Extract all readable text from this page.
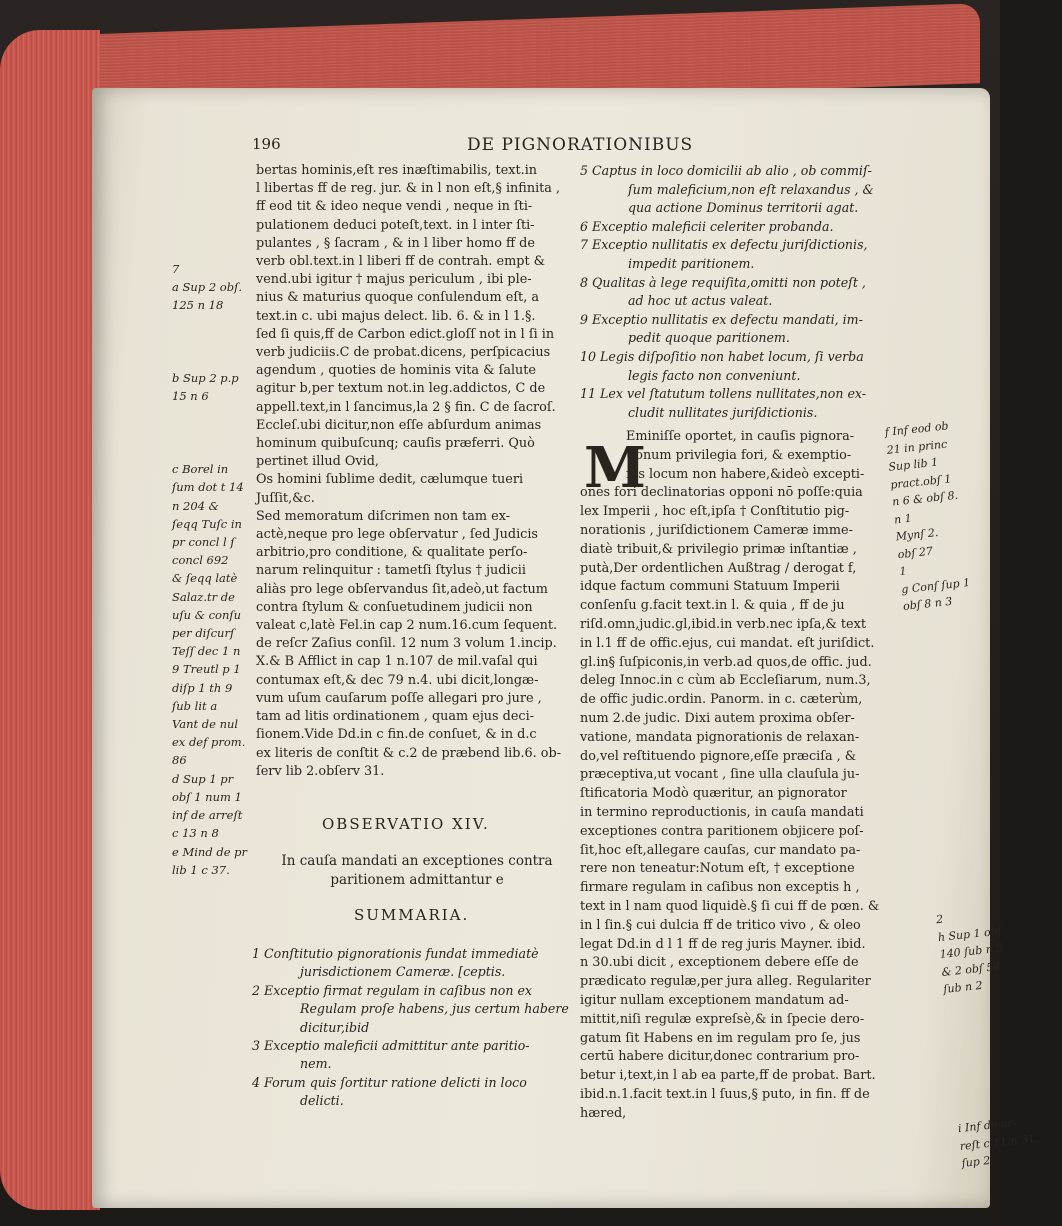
196	DE PIGNORATIONIBUS
bertas hominis,eſt res inæſtimabilis, text.in
l libertas ff de reg. jur. & in l non eſt,§ infinita ,
ff eod tit & ideo neque vendi , neque in ſti-
pulationem deduci poteſt,text. in l inter ſti-
pulantes , § ſacram , & in l liber homo ff de
verb obl.text.in l liberi ff de contrah. empt &
vend.ubi igitur † majus periculum , ibi ple-
nius & maturius quoque conſulendum eſt, a
text.in c. ubi majus delect. lib. 6. & in l 1.§.
ſed ſi quis,ff de Carbon edict.gloſſ not in l ſi in
verb judiciis.C de probat.dicens, perſpicacius
agendum , quoties de hominis vita & ſalute
agitur b,per textum not.in leg.addictos, C de
appell.text,in l ſancimus,la 2 § fin. C de ſacroſ.
Eccleſ.ubi dicitur,non eſſe abſurdum animas
hominum quibuſcunq; cauſis præferri. Quò
pertinet illud Ovid,
Os homini ſublime dedit, cælumque tueri
Juſſit,&c.
Sed memoratum diſcrimen non tam ex-
actè,neque pro lege obſervatur , ſed Judicis
arbitrio,pro conditione, & qualitate perſo-
narum relinquitur : tametſi ſtylus † judicii
aliàs pro lege obſervandus ſit,adeò,ut factum
contra ſtylum & conſuetudinem judicii non
valeat c,latè Fel.in cap 2 num.16.cum ſequent.
de reſcr Zaſius conſil. 12 num 3 volum 1.incip.
X.& B Afflict in cap 1 n.107 de mil.vaſal qui
contumax eſt,& dec 79 n.4. ubi dicit,longæ-
vum uſum cauſarum poſſe allegari pro jure ,
tam ad litis ordinationem , quam ejus deci-
ſionem.Vide Dd.in c fin.de conſuet, & in d.c
ex literis de conſtit & c.2 de præbend lib.6. ob-
ſerv lib 2.obſerv 31.
7
a Sup 2 obſ.
125 n 18

b Sup 2 p.p
15 n 6

c Borel in
ſum dot t 14
n 204 &
ſeqq Tuſc in
pr concl l ſ
concl 692
& ſeqq latè
Salaz.tr de
uſu & conſu
per diſcurſ
Teſſ dec 1 n
9 Treutl p 1
diſp 1 th 9
ſub lit a
Vant de nul
ex def prom.
86
d Sup 1 pr
obſ 1 num 1
inf de arreſt
c 13 n 8
e Mind de pr
lib 1 c 37.
OBSERVATIO XIV.
In cauſa mandati an exceptiones contra paritionem admittantur e
SUMMARIA.
1 Conſtitutio pignorationis fundat immediatè
jurisdictionem Cameræ. [ceptis.
2 Exceptio firmat regulam in caſibus non ex
Regulam proſe habens, jus certum habere
dicitur,ibid
3 Exceptio maleficii admittitur ante paritio-
nem.
4 Forum quis ſortitur ratione delicti in loco
delicti.
5 Captus in loco domicilii ab alio , ob commiſ-
ſum maleficium,non eſt relaxandus , &
qua actione Dominus territorii agat.
6 Exceptio maleficii celeriter probanda.
7 Exceptio nullitatis ex defectu juriſdictionis,
impedit paritionem.
8 Qualitas à lege requiſita,omitti non poteſt ,
ad hoc ut actus valeat.
9 Exceptio nullitatis ex defectu mandati, im-
pedit quoque paritionem.
10 Legis diſpoſitio non habet locum, ſi verba
legis facto non conveniunt.
11 Lex vel ſtatutum tollens nullitates,non ex-
cludit nullitates juriſdictionis.
M
Eminiſſe oportet, in cauſis pignora-
tionum privilegia fori, & exemptio-
nis locum non habere,&ideò excepti-
ones fori declinatorias opponi nō poſſe:quia
lex Imperii , hoc eſt,ipſa † Conſtitutio pig-
norationis , juriſdictionem Cameræ imme-
diatè tribuit,& privilegio primæ inſtantiæ ,
putà,Der ordentlichen Außtrag / derogat f,
idque factum communi Statuum Imperii
conſenſu g.facit text.in l. & quia , ff de ju
riſd.omn,judic.gl,ibid.in verb.nec ipſa,& text
in l.1 ff de offic.ejus, cui mandat. eſt juriſdict.
gl.in§ ſuſpiconis,in verb.ad quos,de offic. jud.
deleg Innoc.in c cùm ab Eccleſiarum, num.3,
de offic judic.ordin. Panorm. in c. cæterùm,
num 2.de judic. Dixi autem proxima obſer-
vatione, mandata pignorationis de relaxan-
do,vel reſtituendo pignore,eſſe præciſa , &
præceptiva,ut vocant , ſine ulla clauſula ju-
ſtificatoria Modò quæritur, an pignorator
in termino reproductionis, in cauſa mandati
exceptiones contra paritionem objicere poſ-
ſit,hoc eſt,allegare cauſas, cur mandato pa-
rere non teneatur:Notum eſt, † exceptione
firmare regulam in caſibus non exceptis h ,
text in l nam quod liquidè.§ ſi cui ff de pœn. &
in l ſin.§ cui dulcia ff de tritico vivo , & oleo
legat Dd.in d l 1 ff de reg juris Mayner. ibid.
n 30.ubi dicit , exceptionem debere eſſe de
prædicato regulæ,per jura alleg. Regulariter
igitur nullam exceptionem mandatum ad-
mittit,niſi regulæ expreſsè,& in ſpecie dero-
gatum ſit Habens en im regulam pro ſe, jus
certū habere dicitur,donec contrarium pro-
betur i,text,in l ab ea parte,ff de probat. Bart.
ibid.n.1.facit text.in l ſuus,§ puto, in fin. ff de
hæred,
f Inf eod ob
21 in princ
Sup lib 1
pract.obſ 1
n 6 & obſ 8.
n 1
Mynſ 2.
obſ 27
1
g Conſ ſup 1
obſ 8 n 3

2
h Sup 1 obſ
140 ſub n 5
& 2 obſ 54
ſub n 2

i Inf de ar-
reſt c 11.n 31.
ſup 2
